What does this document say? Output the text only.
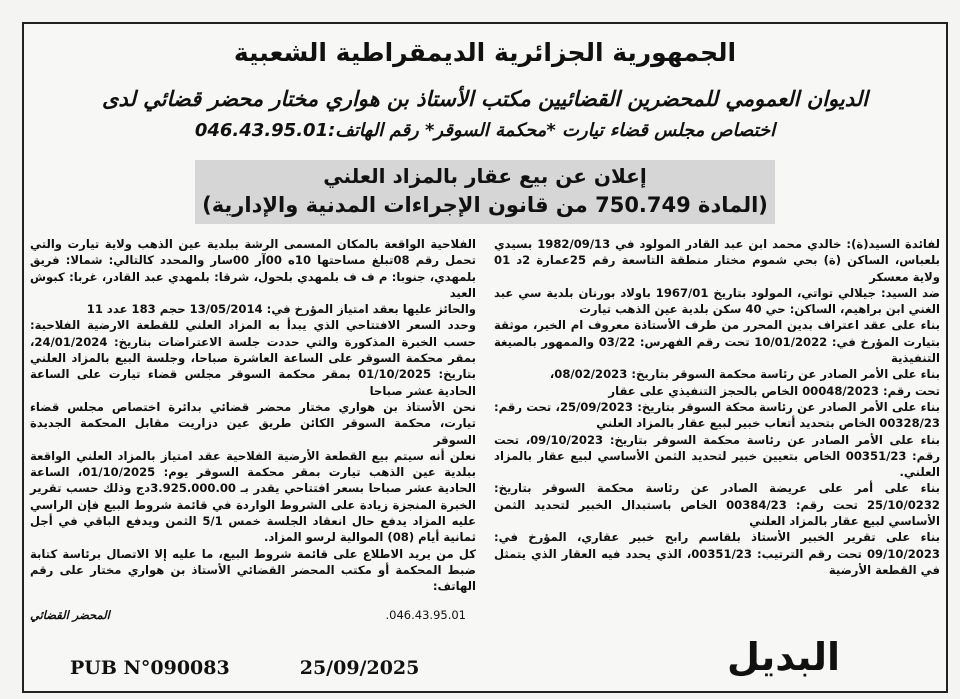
الجمهورية الجزائرية الديمقراطية الشعبية
الديوان العمومي للمحضرين القضائيين مكتب الأستاذ بن هواري مختار محضر قضائي لدى
اختصاص مجلس قضاء تيارت *محكمة السوقر* رقم الهاتف:046.43.95.01
إعلان عن بيع عقار بالمزاد العلني
(المادة 750.749 من قانون الإجراءات المدنية والإدارية)

لفائدة السيد(ة): خالدي محمد ابن عبد القادر المولود في 1982/09/13 بسيدي بلعباس، الساكن (ة) بحي شموم مختار منطقة التاسعة رقم 25عمارة 2د 01 ولاية معسكر

ضد السيد: جيلالي تواتي، المولود بتاريخ 1967/01 باولاد بورنان بلدية سي عبد الغني ابن براهيم، الساكن: حي 40 سكن بلدية عين الذهب تيارت

بناء على عقد اعتراف بدين المحرر من طرف الأستاذة معروف ام الخير، موثقة بتيارت المؤرخ في: 10/01/2022 تحت رقم الفهرس: 03/22 والممهور بالصيغة التنفيذية

بناء على الأمر الصادر عن رئاسة محكمة السوقر بتاريخ: 08/02/2023،

تحت رقم: 00048/2023 الخاص بالحجز التنفيذي على عقار

بناء على الأمر الصادر عن رئاسة محكة السوقر بتاريخ: 25/09/2023، تحت رقم: 00328/23 الخاص بتحديد أتعاب خبير لبيع عقار بالمزاد العلني

بناء على الأمر الصادر عن رئاسة محكمة السوقر بتاريخ: 09/10/2023، تحت رقم: 00351/23 الخاص بتعيين خبير لتحديد الثمن الأساسي لبيع عقار بالمزاد العلني.

بناء على أمر على عريضة الصادر عن رئاسة محكمة السوقر بتاريخ: 25/10/0232 تحت رقم: 00384/23 الخاص باستبدال الخبير لتحديد الثمن الأساسي لبيع عقار بالمزاد العلني

بناء على تقرير الخبير الأستاذ بلقاسم رابح خبير عقاري، المؤرخ في: 09/10/2023 تحت رقم الترتيب: 00351/23، الذي يحدد فيه العقار الذي يتمثل في القطعة الأرضية

الفلاحية الواقعة بالمكان المسمى الرشة ببلدية عين الذهب ولاية تيارت والتي تحمل رقم 08تبلغ مساحتها 10ه 00آر 00سار والمحدد كالتالي: شمالا: فريق بلمهدي، جنوبا: م ف ف بلمهدي بلحول، شرقا: بلمهدي عبد القادر، غربا: كبوش العيد

والحائز عليها بعقد امتياز المؤرخ في: 13/05/2014 حجم 183 عدد 11

وحدد السعر الافتتاحي الذي يبدأ به المزاد العلني للقطعة الارضية الفلاحية: حسب الخبرة المذكورة والتي حددت جلسة الاعتراضات بتاريخ: 24/01/2024، بمقر محكمة السوقر على الساعة العاشرة صباحا، وجلسة البيع بالمزاد العلني بتاريخ: 01/10/2025 بمقر محكمة السوقر مجلس قضاء تيارت على الساعة الحادية عشر صباحا

نحن الأستاذ بن هواري مختار محضر قضائي بدائرة اختصاص مجلس قضاء تيارت، محكمة السوقر الكائن طريق عين دزاريت مقابل المحكمة الجديدة السوقر

نعلن أنه سيتم بيع القطعة الأرضية الفلاحية عقد امتياز بالمزاد العلني الواقعة ببلدية عين الذهب تيارت بمقر محكمة السوقر يوم: 01/10/2025، الساعة الحادية عشر صباحا بسعر افتتاحي يقدر بـ 3.925.000.00دج وذلك حسب تقرير الخبرة المنجزة زيادة على الشروط الواردة في قائمة شروط البيع فإن الراسي عليه المزاد يدفع حال انعقاد الجلسة خمس 5/1 الثمن ويدفع الباقي في أجل ثمانية أيام (08) الموالية لرسو المزاد.

كل من يريد الاطلاع على قائمة شروط البيع، ما عليه إلا الاتصال برئاسة كتابة ضبط المحكمة أو مكتب المحضر القضائي الأستاذ بن هواري مختار على رقم الهاتف:

المحضر القضائي	.046.43.95.01
PUB N°090083	25/09/2025	البديل
